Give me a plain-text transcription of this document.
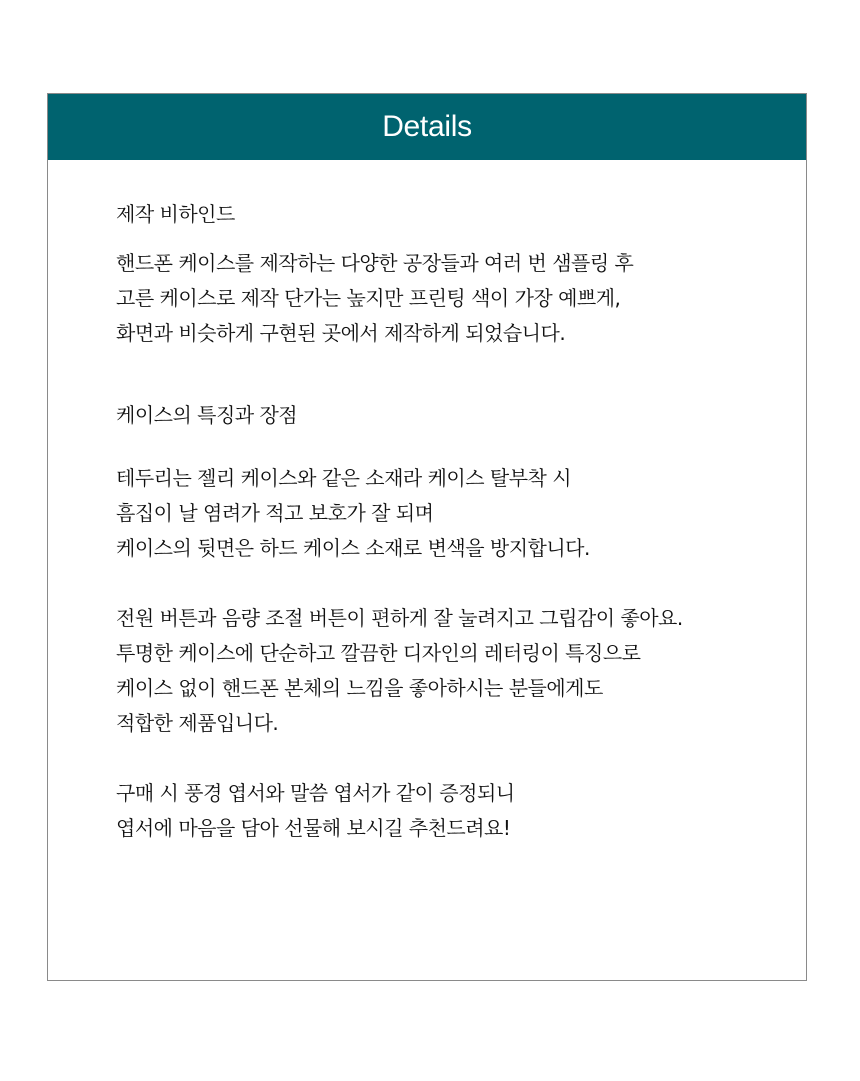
Details
제작 비하인드

핸드폰 케이스를 제작하는 다양한 공장들과 여러 번 샘플링 후
고른 케이스로 제작 단가는 높지만 프린팅 색이 가장 예쁘게,
화면과 비슷하게 구현된 곳에서 제작하게 되었습니다.

케이스의 특징과 장점

테두리는 젤리 케이스와 같은 소재라 케이스 탈부착 시
흠집이 날 염려가 적고 보호가 잘 되며
케이스의 뒷면은 하드 케이스 소재로 변색을 방지합니다.

전원 버튼과 음량 조절 버튼이 편하게 잘 눌려지고 그립감이 좋아요.
투명한 케이스에 단순하고 깔끔한 디자인의 레터링이 특징으로
케이스 없이 핸드폰 본체의 느낌을 좋아하시는 분들에게도
적합한 제품입니다.

구매 시 풍경 엽서와 말씀 엽서가 같이 증정되니
엽서에 마음을 담아 선물해 보시길 추천드려요!
